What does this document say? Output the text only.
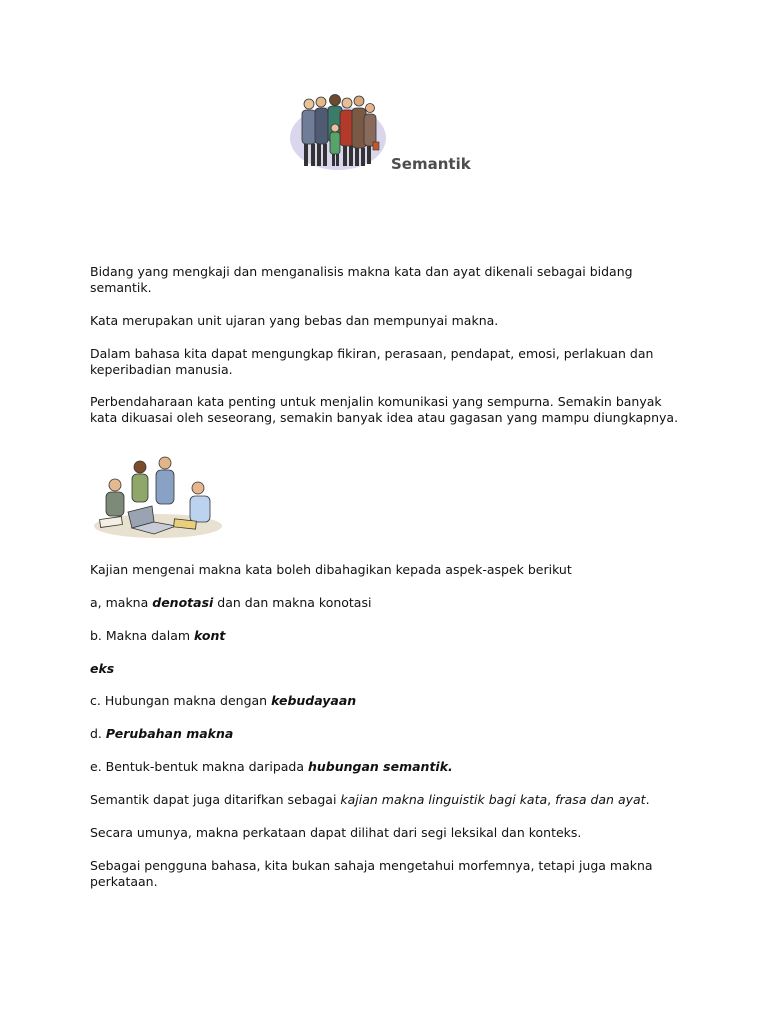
Semantik

Bidang yang mengkaji dan menganalisis makna kata dan ayat dikenali sebagai bidang semantik.

Kata merupakan unit ujaran yang bebas dan mempunyai makna.

Dalam bahasa kita dapat mengungkap fikiran, perasaan, pendapat, emosi, perlakuan dan keperibadian manusia.

Perbendaharaan kata penting untuk menjalin komunikasi yang sempurna. Semakin banyak kata dikuasai oleh seseorang, semakin banyak idea atau gagasan yang mampu diungkapnya.

Kajian mengenai makna kata boleh dibahagikan kepada aspek-aspek berikut

a, makna denotasi dan dan makna konotasi

b. Makna dalam kont

eks

c. Hubungan makna dengan kebudayaan

d. Perubahan makna

e. Bentuk-bentuk makna daripada hubungan semantik.

Semantik dapat juga ditarifkan sebagai kajian makna linguistik bagi kata, frasa dan ayat.

Secara umunya, makna perkataan dapat dilihat dari segi leksikal dan konteks.

Sebagai pengguna bahasa, kita bukan sahaja mengetahui morfemnya, tetapi juga makna perkataan.
